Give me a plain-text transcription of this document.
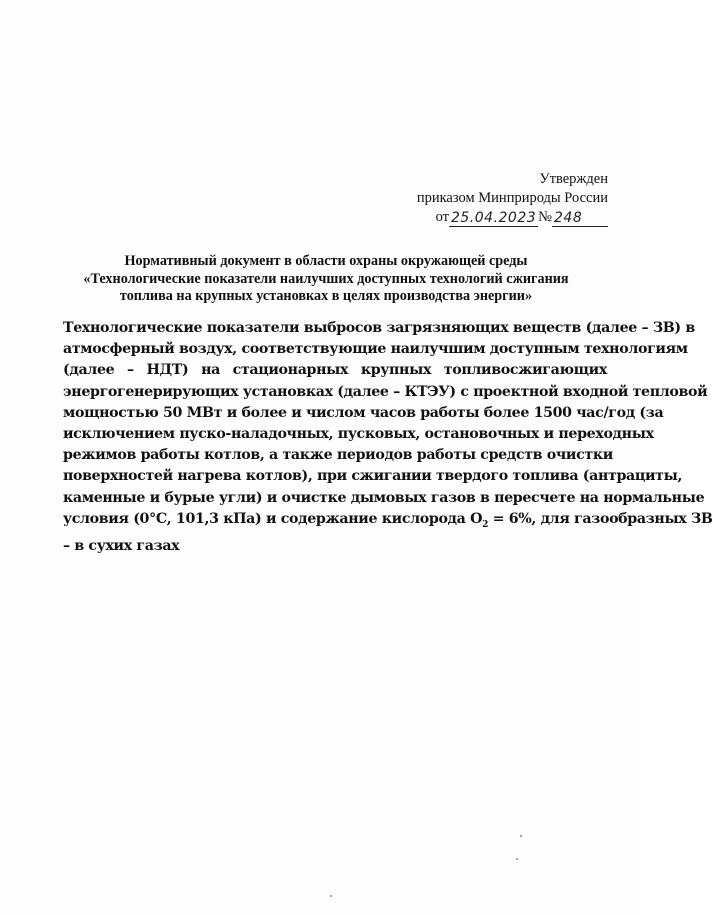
Утвержден
приказом Минприроды России
от 25.04.2023 № 248
Нормативный документ в области охраны окружающей среды
«Технологические показатели наилучших доступных технологий сжигания
топлива на крупных установках в целях производства энергии»
Технологические показатели выбросов загрязняющих веществ (далее – ЗВ) в
атмосферный воздух, соответствующие наилучшим доступным технологиям
(далее – НДТ) на стационарных крупных топливосжигающих
энергогенерирующих установках (далее – КТЭУ) с проектной входной тепловой
мощностью 50 МВт и более и числом часов работы более 1500 час/год (за
исключением пуско-наладочных, пусковых, остановочных и переходных
режимов работы котлов, а также периодов работы средств очистки
поверхностей нагрева котлов), при сжигании твердого топлива (антрациты,
каменные и бурые угли) и очистке дымовых газов в пересчете на нормальные
условия (0°С, 101,3 кПа) и содержание кислорода $O_2 = 6\%$, для газообразных ЗВ
– в сухих газах
